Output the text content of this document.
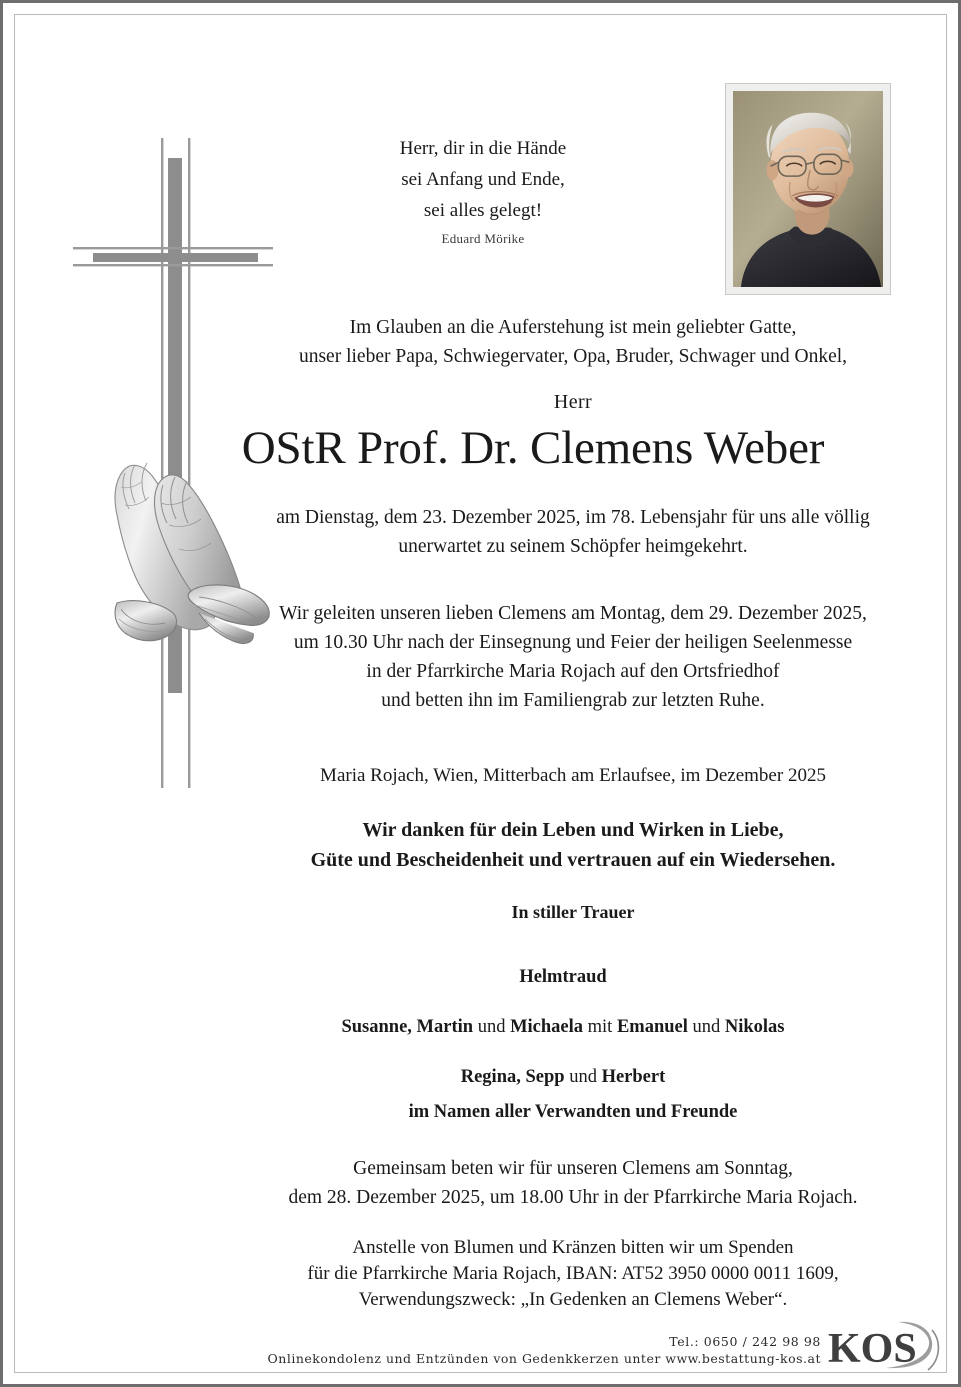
Herr, dir in die Hände
sei Anfang und Ende,
sei alles gelegt!
Eduard Mörike
Im Glauben an die Auferstehung ist mein geliebter Gatte,
unser lieber Papa, Schwiegervater, Opa, Bruder, Schwager und Onkel,
Herr
OStR Prof. Dr. Clemens Weber
am Dienstag, dem 23. Dezember 2025, im 78. Lebensjahr für uns alle völlig
unerwartet zu seinem Schöpfer heimgekehrt.
Wir geleiten unseren lieben Clemens am Montag, dem 29. Dezember 2025,
um 10.30 Uhr nach der Einsegnung und Feier der heiligen Seelenmesse
in der Pfarrkirche Maria Rojach auf den Ortsfriedhof
und betten ihn im Familiengrab zur letzten Ruhe.
Maria Rojach, Wien, Mitterbach am Erlaufsee, im Dezember 2025
Wir danken für dein Leben und Wirken in Liebe,
Güte und Bescheidenheit und vertrauen auf ein Wiedersehen.
In stiller Trauer
Helmtraud
Susanne, Martin und Michaela mit Emanuel und Nikolas
Regina, Sepp und Herbert
im Namen aller Verwandten und Freunde
Gemeinsam beten wir für unseren Clemens am Sonntag,
dem 28. Dezember 2025, um 18.00 Uhr in der Pfarrkirche Maria Rojach.
Anstelle von Blumen und Kränzen bitten wir um Spenden
für die Pfarrkirche Maria Rojach, IBAN: AT52 3950 0000 0011 1609,
Verwendungszweck: „In Gedenken an Clemens Weber“.
Tel.: 0650 / 242 98 98
Onlinekondolenz und Entzünden von Gedenkkerzen unter www.bestattung-kos.at KOS
